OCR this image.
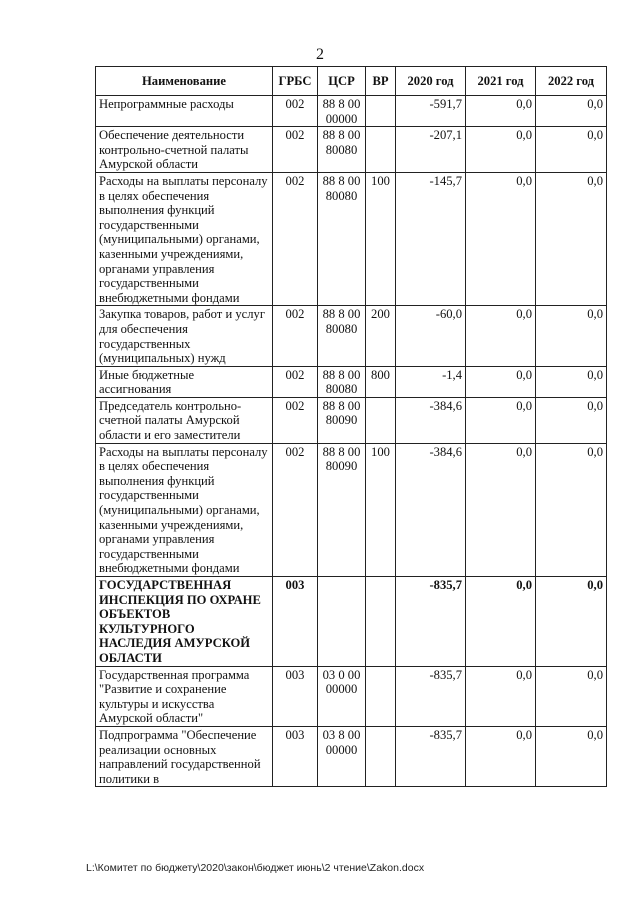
2
Наименование	ГРБС	ЦСР	ВР	2020 год	2021 год	2022 год
Непрограммные расходы	002	88 8 00 00000		-591,7	0,0	0,0
Обеспечение деятельности контрольно-счетной палаты Амурской области	002	88 8 00 80080		-207,1	0,0	0,0
Расходы на выплаты персоналу в целях обеспечения выполнения функций государственными (муниципальными) органами, казенными учреждениями, органами управления государственными внебюджетными фондами	002	88 8 00 80080	100	-145,7	0,0	0,0
Закупка товаров, работ и услуг для обеспечения государственных (муниципальных) нужд	002	88 8 00 80080	200	-60,0	0,0	0,0
Иные бюджетные ассигнования	002	88 8 00 80080	800	-1,4	0,0	0,0
Председатель контрольно-счетной палаты Амурской области и его заместители	002	88 8 00 80090		-384,6	0,0	0,0
Расходы на выплаты персоналу в целях обеспечения выполнения функций государственными (муниципальными) органами, казенными учреждениями, органами управления государственными внебюджетными фондами	002	88 8 00 80090	100	-384,6	0,0	0,0
ГОСУДАРСТВЕННАЯ ИНСПЕКЦИЯ ПО ОХРАНЕ ОБЪЕКТОВ КУЛЬТУРНОГО НАСЛЕДИЯ АМУРСКОЙ ОБЛАСТИ	003			-835,7	0,0	0,0
Государственная программа "Развитие и сохранение культуры и искусства Амурской области"	003	03 0 00 00000		-835,7	0,0	0,0
Подпрограмма "Обеспечение реализации основных направлений государственной политики в	003	03 8 00 00000		-835,7	0,0	0,0
L:\Комитет по бюджету\2020\закон\бюджет июнь\2 чтение\Zakon.docx
